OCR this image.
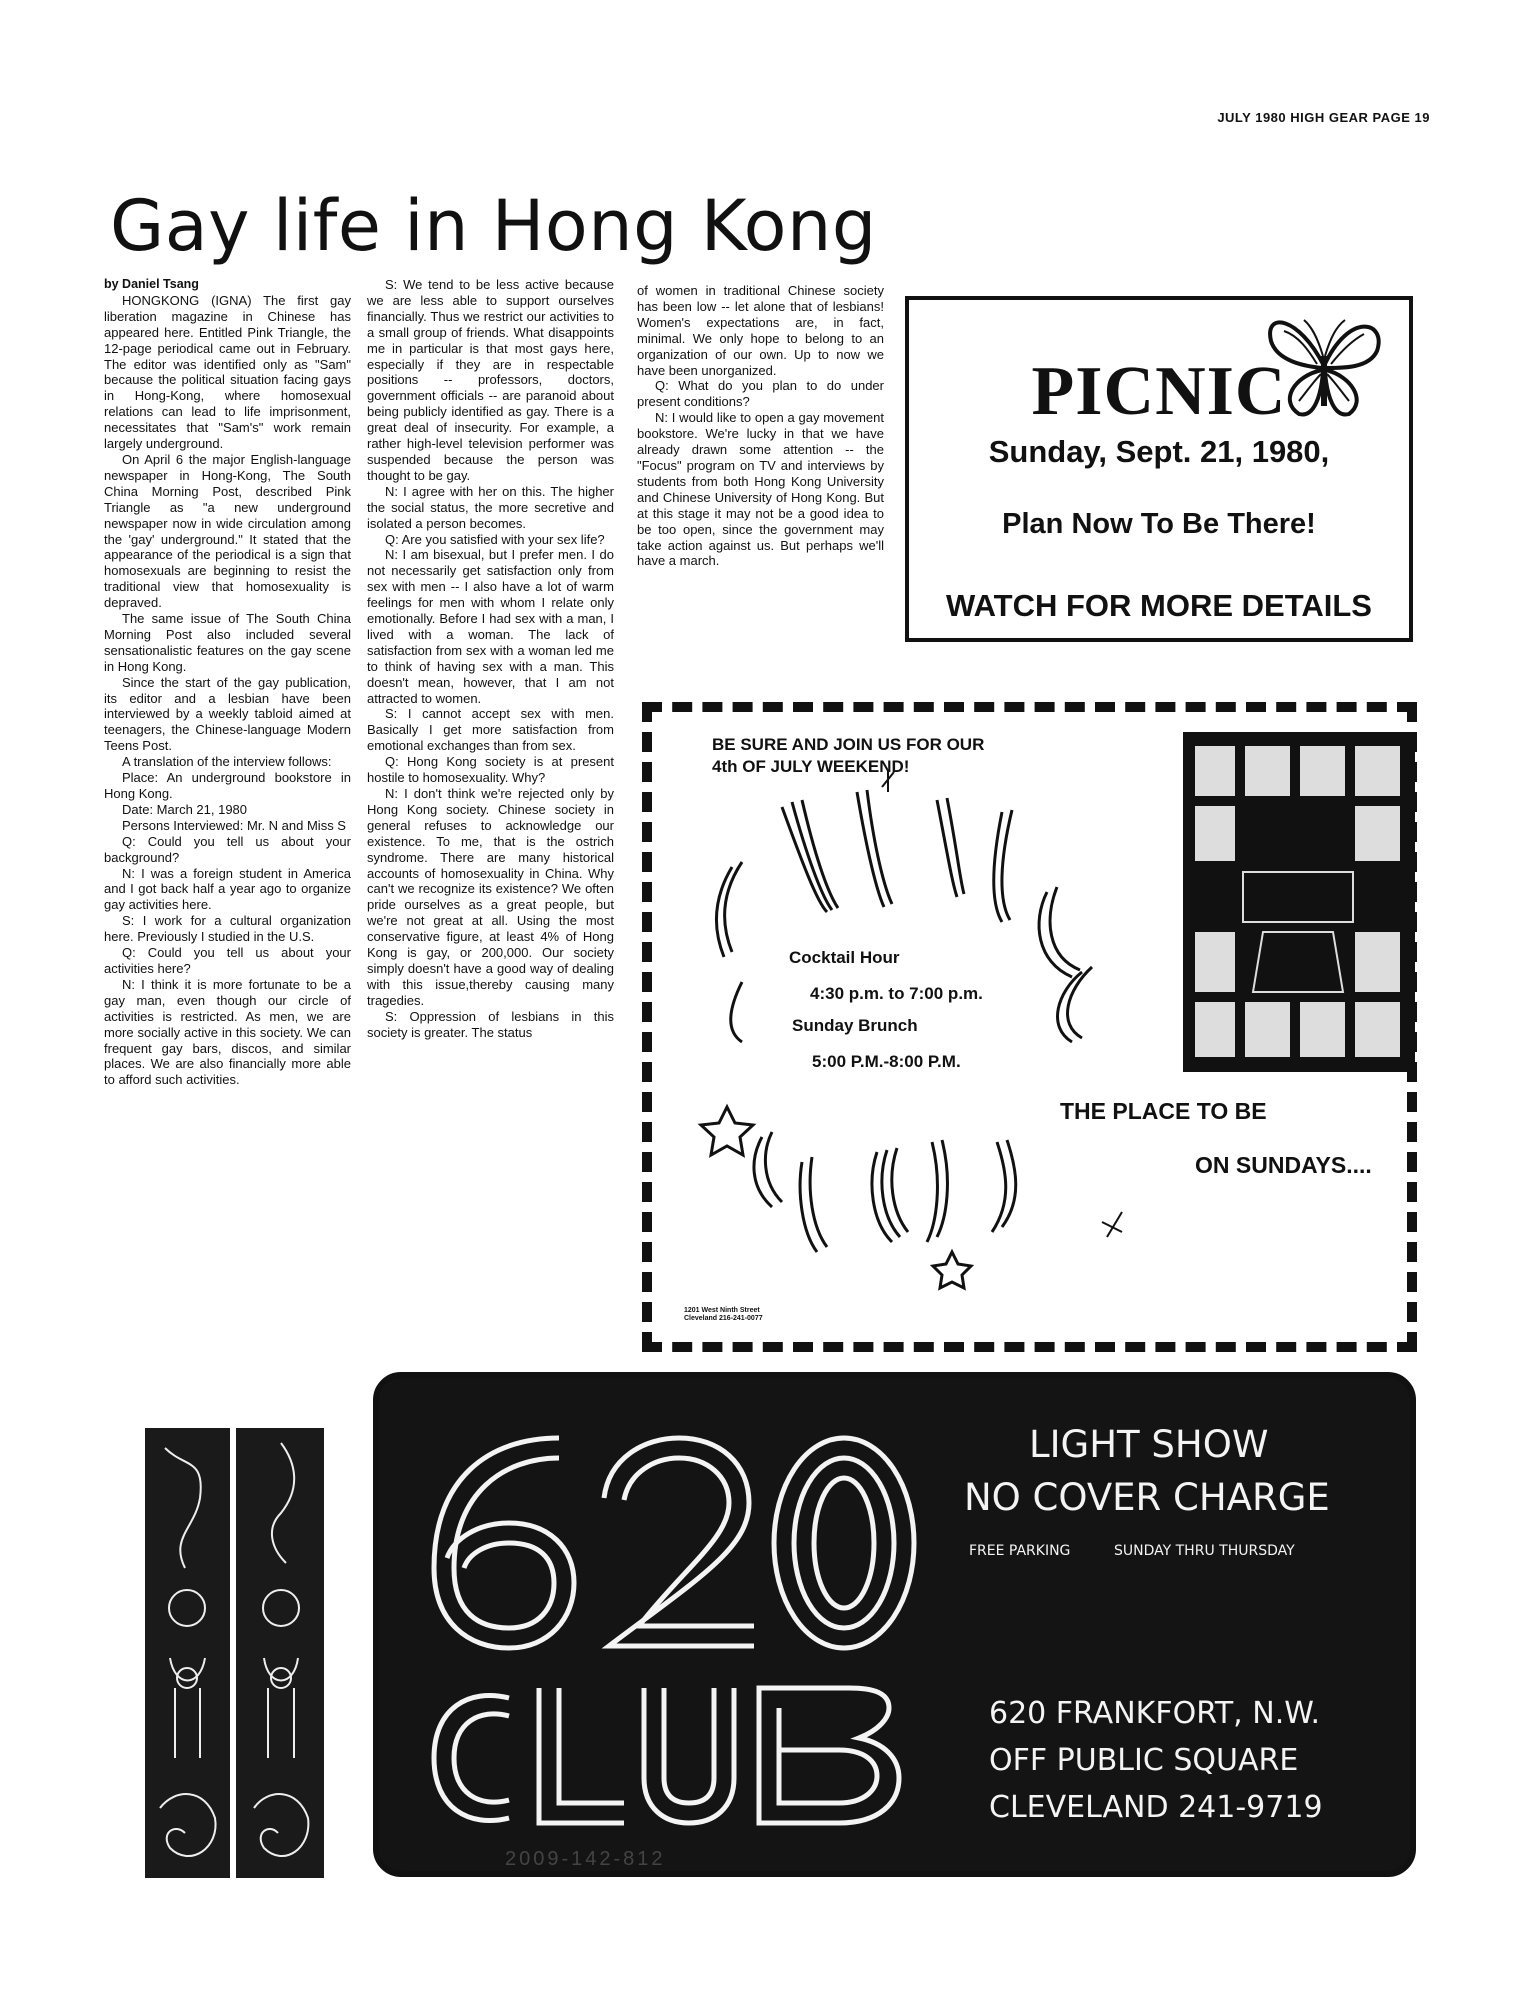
JULY 1980 HIGH GEAR PAGE 19
Gay life in Hong Kong

by Daniel Tsang

HONGKONG (IGNA) The first gay liberation magazine in Chinese has appeared here. Entitled Pink Triangle, the 12-page periodical came out in February. The editor was identified only as "Sam" because the political situation facing gays in Hong-Kong, where homosexual relations can lead to life imprisonment, necessitates that "Sam's" work remain largely underground.

On April 6 the major English-language newspaper in Hong-Kong, The South China Morning Post, described Pink Triangle as "a new underground newspaper now in wide circulation among the 'gay' underground." It stated that the appearance of the periodical is a sign that homosexuals are beginning to resist the traditional view that homosexuality is depraved.

The same issue of The South China Morning Post also included several sensationalistic features on the gay scene in Hong Kong.

Since the start of the gay publication, its editor and a lesbian have been interviewed by a weekly tabloid aimed at teenagers, the Chinese-language Modern Teens Post.

A translation of the interview follows:

Place: An underground bookstore in Hong Kong.

Date: March 21, 1980

Persons Interviewed: Mr. N and Miss S

Q: Could you tell us about your background?

N: I was a foreign student in America and I got back half a year ago to organize gay activities here.

S: I work for a cultural organization here. Previously I studied in the U.S.

Q: Could you tell us about your activities here?

N: I think it is more fortunate to be a gay man, even though our circle of activities is restricted. As men, we are more socially active in this society. We can frequent gay bars, discos, and similar places. We are also financially more able to afford such activities.

S: We tend to be less active because we are less able to support ourselves financially. Thus we restrict our activities to a small group of friends. What disappoints me in particular is that most gays here, especially if they are in respectable positions -- professors, doctors, government officials -- are paranoid about being publicly identified as gay. There is a great deal of insecurity. For example, a rather high-level television performer was suspended because the person was thought to be gay.

N: I agree with her on this. The higher the social status, the more secretive and isolated a person becomes.

Q: Are you satisfied with your sex life?

N: I am bisexual, but I prefer men. I do not necessarily get satisfaction only from sex with men -- I also have a lot of warm feelings for men with whom I relate only emotionally. Before I had sex with a man, I lived with a woman. The lack of satisfaction from sex with a woman led me to think of having sex with a man. This doesn't mean, however, that I am not attracted to women.

S: I cannot accept sex with men. Basically I get more satisfaction from emotional exchanges than from sex.

Q: Hong Kong society is at present hostile to homosexuality. Why?

N: I don't think we're rejected only by Hong Kong society. Chinese society in general refuses to acknowledge our existence. To me, that is the ostrich syndrome. There are many historical accounts of homosexuality in China. Why can't we recognize its existence? We often pride ourselves as a great people, but we're not great at all. Using the most conservative figure, at least 4% of Hong Kong is gay, or 200,000. Our society simply doesn't have a good way of dealing with this issue,thereby causing many tragedies.

S: Oppression of lesbians in this society is greater. The status

of women in traditional Chinese society has been low -- let alone that of lesbians! Women's expectations are, in fact, minimal. We only hope to belong to an organization of our own. Up to now we have been unorganized.

Q: What do you plan to do under present conditions?

N: I would like to open a gay movement bookstore. We're lucky in that we have already drawn some attention -- the "Focus" program on TV and interviews by students from both Hong Kong University and Chinese University of Hong Kong. But at this stage it may not be a good idea to be too open, since the government may take action against us. But perhaps we'll have a march.

PICNIC
Sunday, Sept. 21, 1980,
Plan Now To Be There!
WATCH FOR MORE DETAILS
BE SURE AND JOIN US FOR OUR
4th OF JULY WEEKEND!
Cocktail Hour
4:30 p.m. to 7:00 p.m.
Sunday Brunch
5:00 P.M.-8:00 P.M.
THE PLACE TO BE
ON SUNDAYS....
1201 West Ninth Street
Cleveland 216-241-0077
LIGHT SHOW
NO COVER CHARGE
FREE PARKING	SUNDAY THRU THURSDAY
620 FRANKFORT, N.W.
OFF PUBLIC SQUARE
CLEVELAND 241-9719
2009-142-812
